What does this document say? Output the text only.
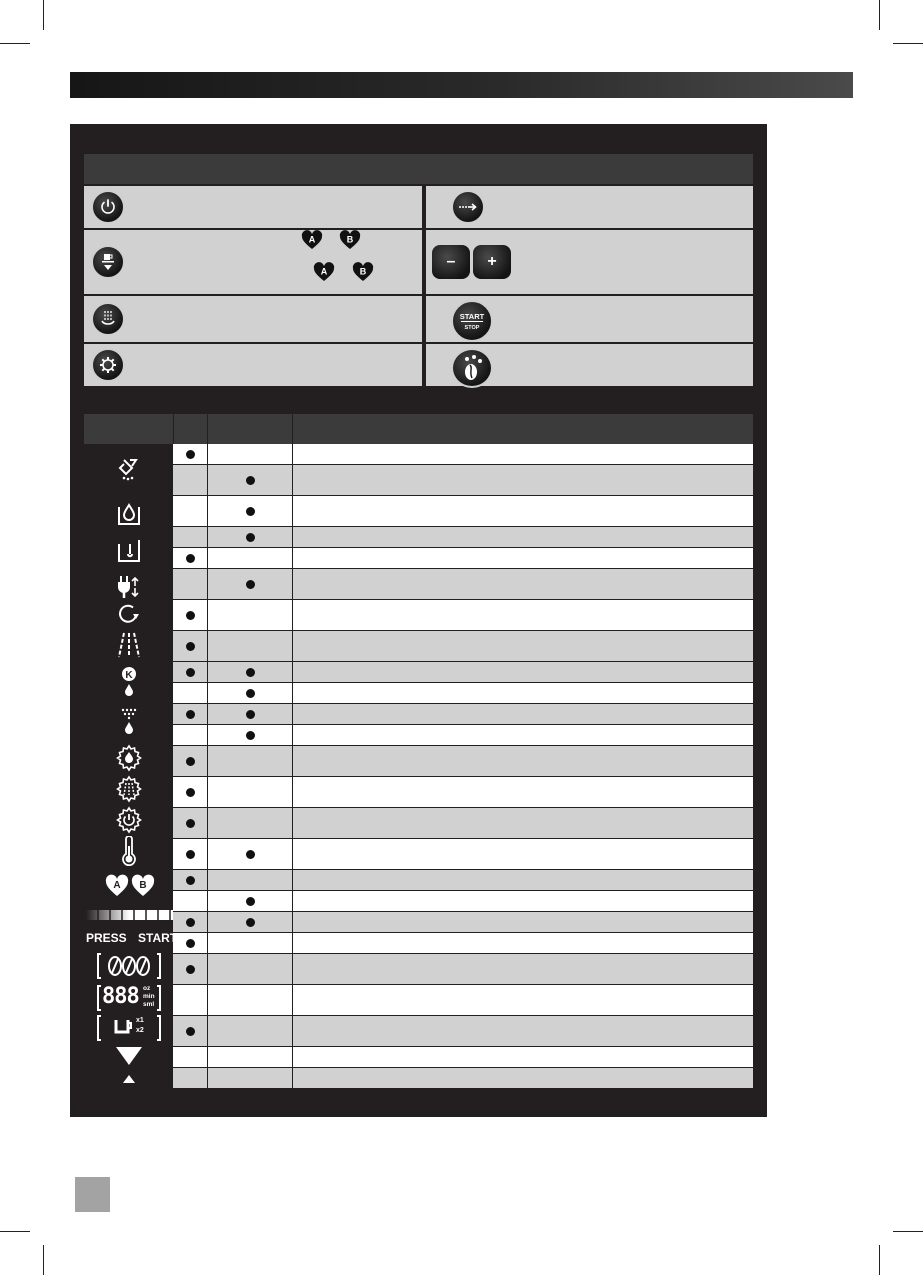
A	B
A	B
– +
START
STOP
K
A B
PRESS START
888 oz
min
sml
x1
x2
